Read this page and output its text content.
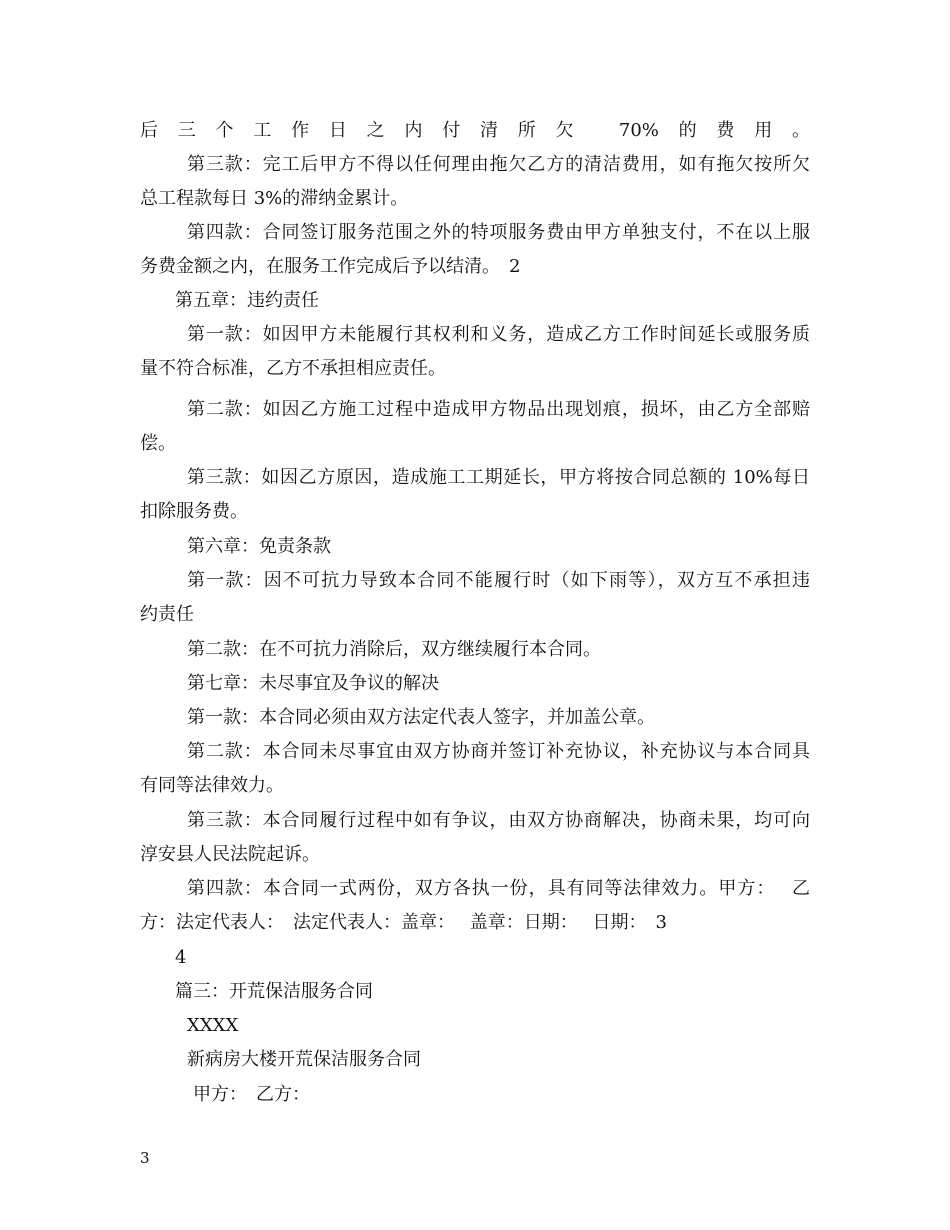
后三个工作日之内付清所欠 70%的费用。
第三款：完工后甲方不得以任何理由拖欠乙方的清洁费用，如有拖欠按所欠
总工程款每日 3%的滞纳金累计。
第四款：合同签订服务范围之外的特项服务费由甲方单独支付，不在以上服
务费金额之内，在服务工作完成后予以结清。　2
第五章：违约责任
第一款：如因甲方未能履行其权利和义务，造成乙方工作时间延长或服务质
量不符合标准，乙方不承担相应责任。
第二款：如因乙方施工过程中造成甲方物品出现划痕，损坏，由乙方全部赔
偿。
第三款：如因乙方原因，造成施工工期延长，甲方将按合同总额的 10%每日
扣除服务费。
第六章：免责条款
第一款：因不可抗力导致本合同不能履行时（如下雨等），双方互不承担违
约责任
第二款：在不可抗力消除后，双方继续履行本合同。
第七章：未尽事宜及争议的解决
第一款：本合同必须由双方法定代表人签字，并加盖公章。
第二款：本合同未尽事宜由双方协商并签订补充协议，补充协议与本合同具
有同等法律效力。
第三款：本合同履行过程中如有争议，由双方协商解决，协商未果，均可向
淳安县人民法院起诉。
第四款：本合同一式两份，双方各执一份，具有同等法律效力。甲方：　 乙
方：法定代表人：　法定代表人：盖章：　 盖章：日期：　 日期：　3
4
篇三：开荒保洁服务合同
XXXX
新病房大楼开荒保洁服务合同
甲方：　乙方：
3
